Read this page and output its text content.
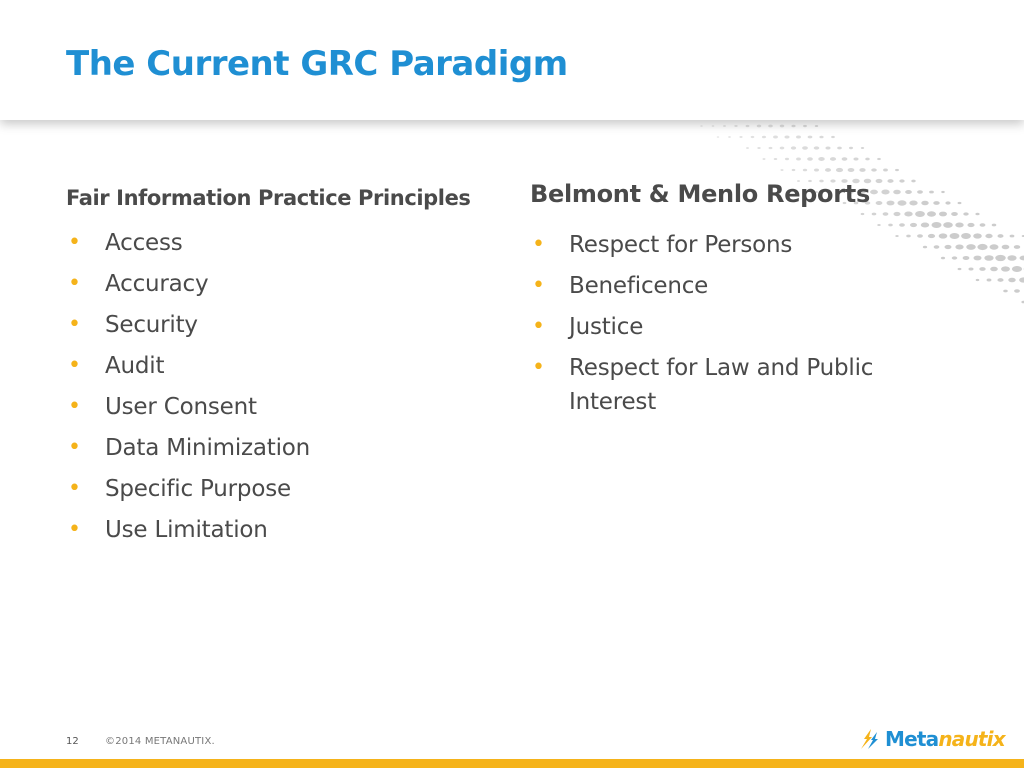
The Current GRC Paradigm
Fair Information Practice Principles
• Access
• Accuracy
• Security
• Audit
• User Consent
• Data Minimization
• Specific Purpose
• Use Limitation
Belmont & Menlo Reports
• Respect for Persons
• Beneficence
• Justice
• Respect for Law and Public Interest
12	©2014 METANAUTIX.	Metanautix
